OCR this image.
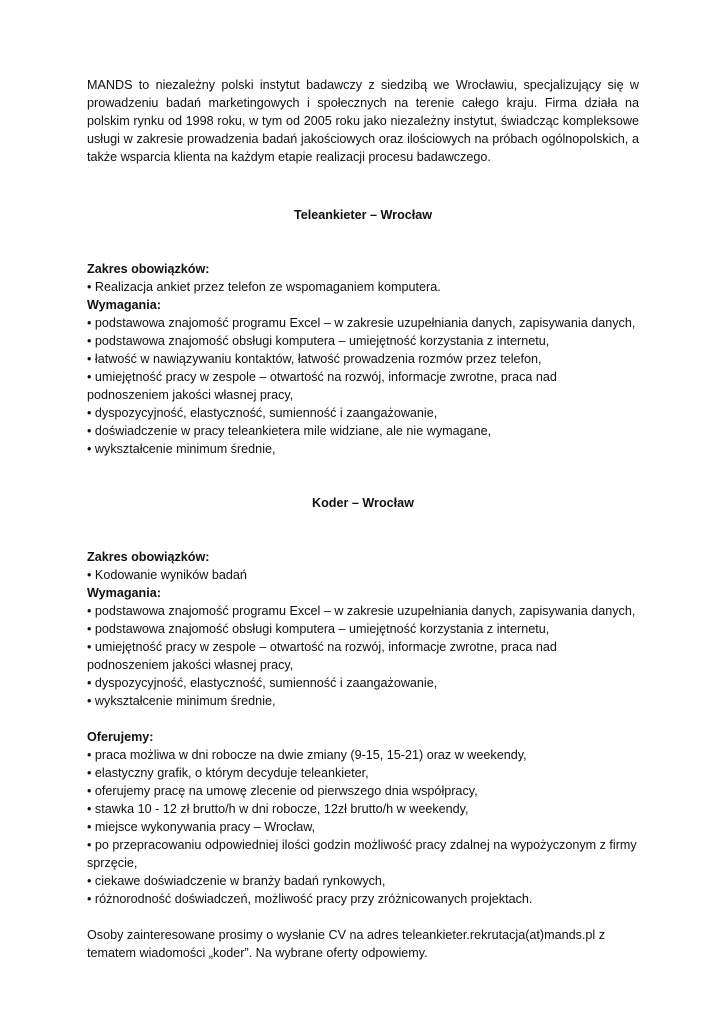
MANDS to niezależny polski instytut badawczy z siedzibą we Wrocławiu, specjalizujący się w prowadzeniu badań marketingowych i społecznych na terenie całego kraju. Firma działa na polskim rynku od 1998 roku, w tym od 2005 roku jako niezależny instytut, świadcząc kompleksowe usługi w zakresie prowadzenia badań jakościowych oraz ilościowych na próbach ogólnopolskich, a także wsparcia klienta na każdym etapie realizacji procesu badawczego.

Teleankieter – Wrocław
Zakres obowiązków:
• Realizacja ankiet przez telefon ze wspomaganiem komputera.
Wymagania:
• podstawowa znajomość programu Excel – w zakresie uzupełniania danych, zapisywania danych,
• podstawowa znajomość obsługi komputera – umiejętność korzystania z internetu,
• łatwość w nawiązywaniu kontaktów, łatwość prowadzenia rozmów przez telefon,
• umiejętność pracy w zespole – otwartość na rozwój, informacje zwrotne, praca nad podnoszeniem jakości własnej pracy,
• dyspozycyjność, elastyczność, sumienność i zaangażowanie,
• doświadczenie w pracy teleankietera mile widziane, ale nie wymagane,
• wykształcenie minimum średnie,
Koder – Wrocław
Zakres obowiązków:
• Kodowanie wyników badań
Wymagania:
• podstawowa znajomość programu Excel – w zakresie uzupełniania danych, zapisywania danych,
• podstawowa znajomość obsługi komputera – umiejętność korzystania z internetu,
• umiejętność pracy w zespole – otwartość na rozwój, informacje zwrotne, praca nad podnoszeniem jakości własnej pracy,
• dyspozycyjność, elastyczność, sumienność i zaangażowanie,
• wykształcenie minimum średnie,
Oferujemy:
• praca możliwa w dni robocze na dwie zmiany (9-15, 15-21) oraz w weekendy,
• elastyczny grafik, o którym decyduje teleankieter,
• oferujemy pracę na umowę zlecenie od pierwszego dnia współpracy,
• stawka 10 - 12 zł brutto/h w dni robocze, 12zł brutto/h w weekendy,
• miejsce wykonywania pracy – Wrocław,
• po przepracowaniu odpowiedniej ilości godzin możliwość pracy zdalnej na wypożyczonym z firmy sprzęcie,
• ciekawe doświadczenie w branży badań rynkowych,
• różnorodność doświadczeń, możliwość pracy przy zróżnicowanych projektach.

Osoby zainteresowane prosimy o wysłanie CV na adres teleankieter.rekrutacja(at)mands.pl z tematem wiadomości „koder”. Na wybrane oferty odpowiemy.
